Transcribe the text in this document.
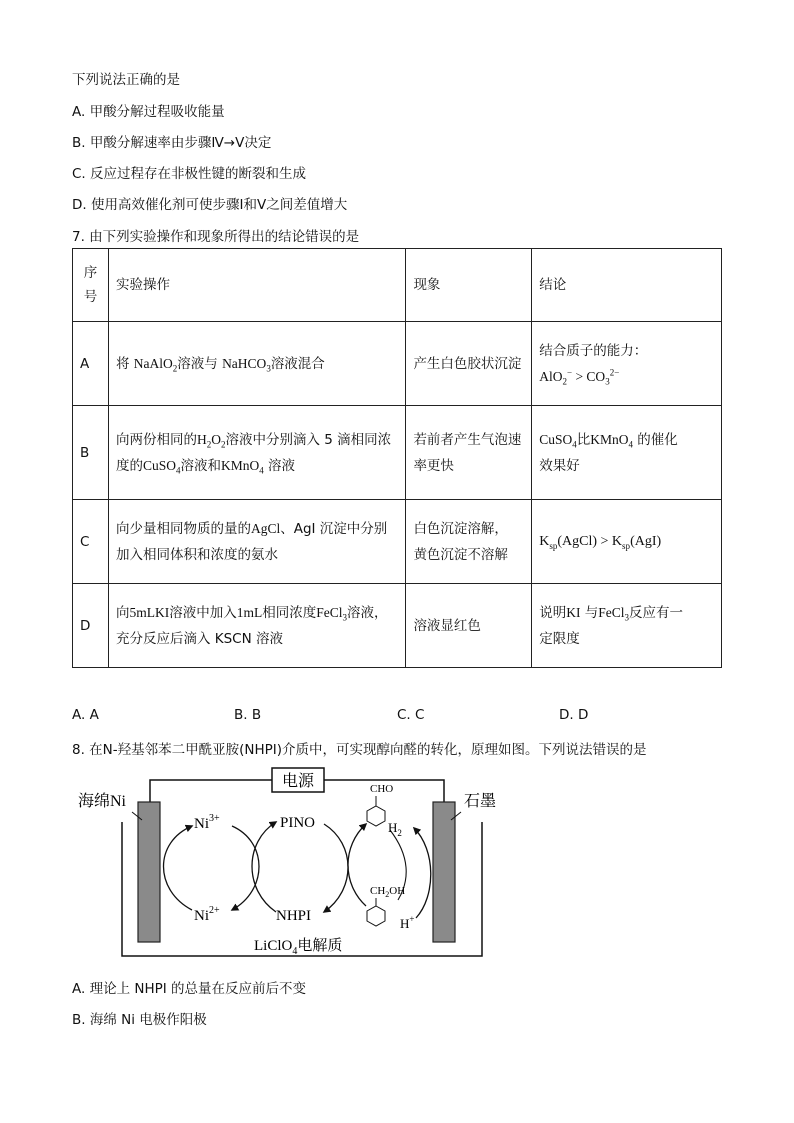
下列说法正确的是
A. 甲酸分解过程吸收能量
B. 甲酸分解速率由步骤Ⅳ→Ⅴ决定
C. 反应过程存在非极性键的断裂和生成
D. 使用高效催化剂可使步骤Ⅰ和Ⅴ之间差值增大
7. 由下列实验操作和现象所得出的结论错误的是
序号	实验操作	现象	结论
A	将 NaAlO$_2$溶液与 NaHCO$_3$溶液混合	产生白色胶状沉淀	结合质子的能力：
$AlO_2^- > CO_3^{2-}$
B	向两份相同的$H_2O_2$溶液中分别滴入 5 滴相同浓度的CuSO$_4$溶液和KMnO$_4$ 溶液	若前者产生气泡速率更快	CuSO$_4$比KMnO$_4$ 的催化
效果好
C	向少量相同物质的量的AgCl、AgI 沉淀中分别加入相同体积和浓度的氨水	白色沉淀溶解，
黄色沉淀不溶解	$K_{sp}(AgCl) > K_{sp}(AgI)$
D	向5mLKI溶液中加入1mL相同浓度FeCl$_3$溶液，充分反应后滴入 KSCN 溶液	溶液显红色	说明KI 与FeCl$_3$反应有一
定限度
A. A	B. B	C. C	D. D
8. 在N-羟基邻苯二甲酰亚胺(NHPI)介质中，可实现醇向醛的转化，原理如图。下列说法错误的是
电源
海绵Ni	石墨
$Ni^{3+}$
$Ni^{2+}$
PINO
NHPI
CHO
$H_2$
$CH_2OH$
H+
LiClO$_4$电解质
A. 理论上 NHPI 的总量在反应前后不变
B. 海绵 Ni 电极作阳极
